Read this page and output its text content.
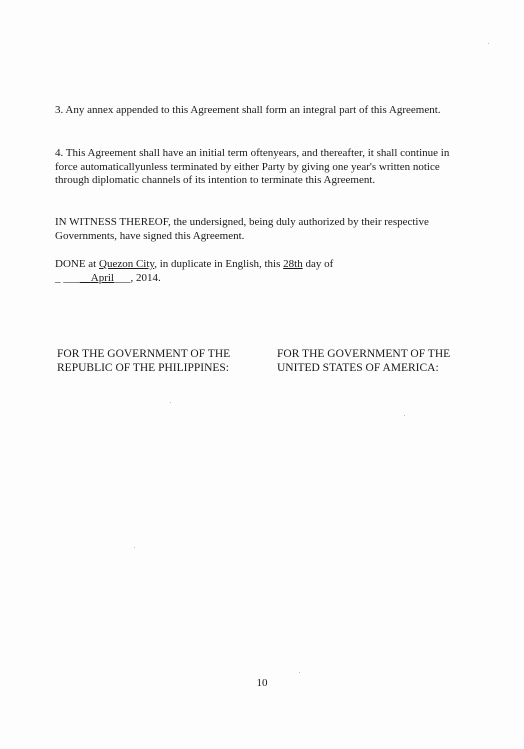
3. Any annex appended to this Agreement shall form an integral part of this Agreement.

4. This Agreement shall have an initial term oftenyears, and thereafter, it shall continue in force automaticallyunless terminated by either Party by giving one year's written notice through diplomatic channels of its intention to terminate this Agreement.

IN WITNESS THEREOF, the undersigned, being duly authorized by their respective Governments, have signed this Agreement.

DONE at Quezon City, in duplicate in English, this 28th day of
_ ___ April___, 2014.

FOR THE GOVERNMENT OF THE
REPUBLIC OF THE PHILIPPINES:

FOR THE GOVERNMENT OF THE
UNITED STATES OF AMERICA:

10
